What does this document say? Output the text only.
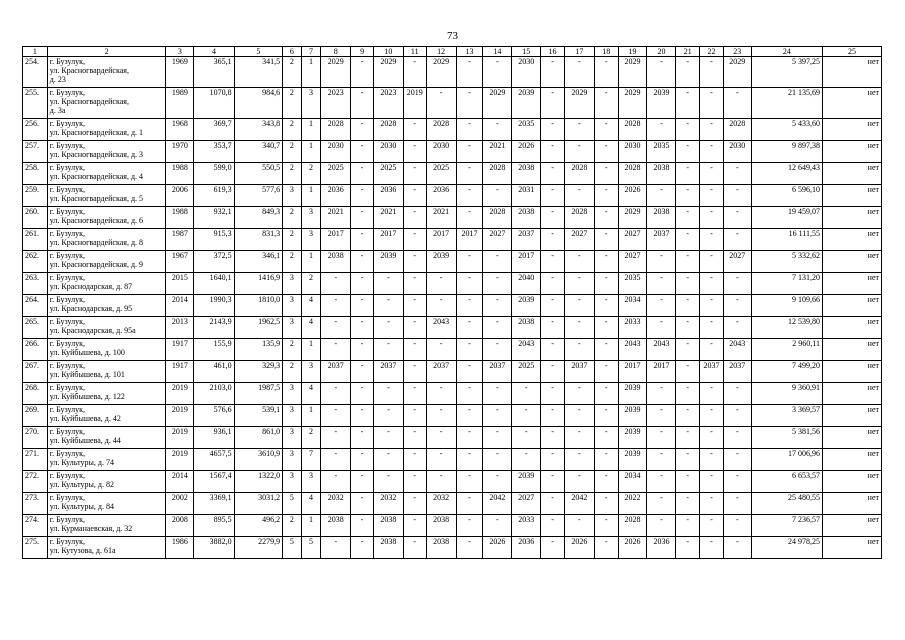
73
1	2	3	4	5	6	7	8	9	10	11	12	13	14	15	16	17	18	19	20	21	22	23	24	25
254.	г. Бузулук,
ул. Красногвардейская,
д. 23	1969	365,1	341,5	2	1	2029	-	2029	-	2029	-	-	2030	-	-	-	2029	-	-	-	2029	5 397,25	нет
255.	г. Бузулук,
ул. Красногвардейская,
д. 3а	1989	1070,8	984,6	2	3	2023	-	2023	2019	-	-	2029	2039	-	2029	-	2029	2039	-	-	-	21 135,69	нет
256.	г. Бузулук,
ул. Красногвардейская, д. 1	1968	369,7	343,8	2	1	2028	-	2028	-	2028	-	-	2035	-	-	-	2028	-	-	-	2028	5 433,60	нет
257.	г. Бузулук,
ул. Красногвардейская, д. 3	1970	353,7	340,7	2	1	2030	-	2030	-	2030	-	2021	2026	-	-	-	2030	2035	-	-	2030	9 897,38	нет
258.	г. Бузулук,
ул. Красногвардейская, д. 4	1988	599,0	550,5	2	2	2025	-	2025	-	2025	-	2028	2038	-	2028	-	2028	2038	-	-	-	12 649,43	нет
259.	г. Бузулук,
ул. Красногвардейская, д. 5	2006	619,3	577,6	3	1	2036	-	2036	-	2036	-	-	2031	-	-	-	2026	-	-	-	-	6 596,10	нет
260.	г. Бузулук,
ул. Красногвардейская, д. 6	1988	932,1	849,3	2	3	2021	-	2021	-	2021	-	2028	2038	-	2028	-	2029	2038	-	-	-	19 459,07	нет
261.	г. Бузулук,
ул. Красногвардейская, д. 8	1987	915,3	831,3	2	3	2017	-	2017	-	2017	2017	2027	2037	-	2027	-	2027	2037	-	-	-	16 111,55	нет
262.	г. Бузулук,
ул. Красногвардейская, д. 9	1967	372,5	346,1	2	1	2038	-	2039	-	2039	-	-	2017	-	-	-	2027	-	-	-	2027	5 332,62	нет
263.	г. Бузулук,
ул. Краснодарская, д. 87	2015	1640,1	1416,9	3	2	-	-	-	-	-	-	-	2040	-	-	-	2035	-	-	-	-	7 131,20	нет
264.	г. Бузулук,
ул. Краснодарская, д. 95	2014	1990,3	1810,0	3	4	-	-	-	-	-	-	-	2039	-	-	-	2034	-	-	-	-	9 109,66	нет
265.	г. Бузулук,
ул. Краснодарская, д. 95а	2013	2143,9	1962,5	3	4	-	-	-	-	2043	-	-	2038	-	-	-	2033	-	-	-	-	12 539,80	нет
266.	г. Бузулук,
ул. Куйбышева, д. 100	1917	155,9	135,9	2	1	-	-	-	-	-	-	-	2043	-	-	-	2043	2043	-	-	2043	2 960,11	нет
267.	г. Бузулук,
ул. Куйбышева, д. 101	1917	461,0	329,3	2	3	2037	-	2037	-	2037	-	2037	2025	-	2037	-	2017	2017	-	2037	2037	7 499,20	нет
268.	г. Бузулук,
ул. Куйбышева, д. 122	2019	2103,0	1987,5	3	4	-	-	-	-	-	-	-	-	-	-	-	2039	-	-	-	-	9 360,91	нет
269.	г. Бузулук,
ул. Куйбышева, д. 42	2019	576,6	539,1	3	1	-	-	-	-	-	-	-	-	-	-	-	2039	-	-	-	-	3 369,57	нет
270.	г. Бузулук,
ул. Куйбышева, д. 44	2019	936,1	861,0	3	2	-	-	-	-	-	-	-	-	-	-	-	2039	-	-	-	-	5 381,56	нет
271.	г. Бузулук,
ул. Культуры, д. 74	2019	4657,5	3610,9	3	7	-	-	-	-	-	-	-	-	-	-	-	2039	-	-	-	-	17 006,96	нет
272.	г. Бузулук,
ул. Культуры, д. 82	2014	1567,4	1322,0	3	3	-	-	-	-	-	-	-	2039	-	-	-	2034	-	-	-	-	6 653,57	нет
273.	г. Бузулук,
ул. Культуры, д. 84	2002	3369,1	3031,2	5	4	2032	-	2032	-	2032	-	2042	2027	-	2042	-	2022	-	-	-	-	25 480,55	нет
274.	г. Бузулук,
ул. Курманаевская, д. 32	2008	895,5	496,2	2	1	2038	-	2038	-	2038	-	-	2033	-	-	-	2028	-	-	-	-	7 236,57	нет
275.	г. Бузулук,
ул. Кутузова, д. 61а	1986	3882,0	2279,9	5	5	-	-	2038	-	2038	-	2026	2036	-	2026	-	2026	2036	-	-	-	24 978,25	нет
